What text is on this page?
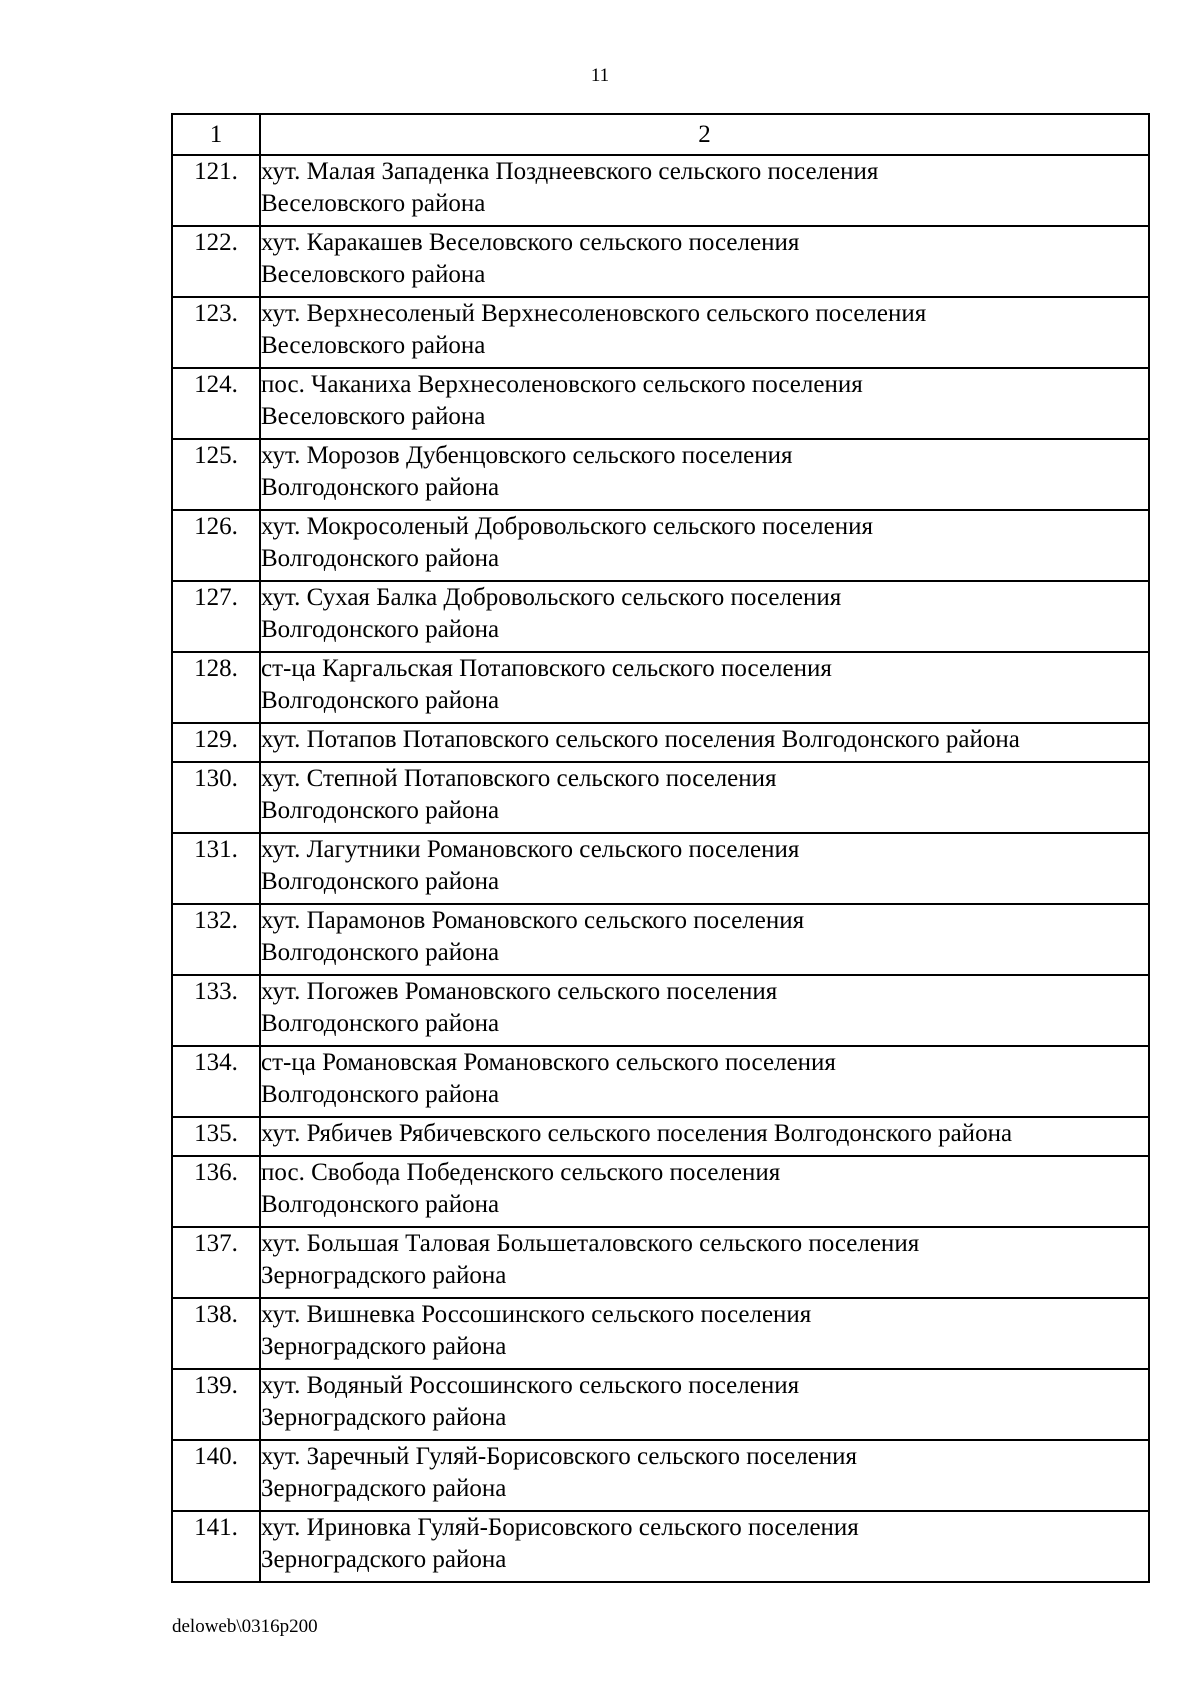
11
1	2
121.	хут. Малая Западенка Позднеевского сельского поселения
Веселовского района

122.	хут. Каракашев Веселовского сельского поселения
Веселовского района

123.	хут. Верхнесоленый Верхнесоленовского сельского поселения
Веселовского района

124.	пос. Чаканиха Верхнесоленовского сельского поселения
Веселовского района

125.	хут. Морозов Дубенцовского сельского поселения
Волгодонского района

126.	хут. Мокросоленый Добровольского сельского поселения
Волгодонского района

127.	хут. Сухая Балка Добровольского сельского поселения
Волгодонского района

128.	ст-ца Каргальская Потаповского сельского поселения
Волгодонского района

129.	хут. Потапов Потаповского сельского поселения Волгодонского района

130.	хут. Степной Потаповского сельского поселения
Волгодонского района

131.	хут. Лагутники Романовского сельского поселения
Волгодонского района

132.	хут. Парамонов Романовского сельского поселения
Волгодонского района

133.	хут. Погожев Романовского сельского поселения
Волгодонского района

134.	ст-ца Романовская Романовского сельского поселения
Волгодонского района

135.	хут. Рябичев Рябичевского сельского поселения Волгодонского района

136.	пос. Свобода Победенского сельского поселения
Волгодонского района

137.	хут. Большая Таловая Большеталовского сельского поселения
Зерноградского района

138.	хут. Вишневка Россошинского сельского поселения
Зерноградского района

139.	хут. Водяный Россошинского сельского поселения
Зерноградского района

140.	хут. Заречный Гуляй-Борисовского сельского поселения
Зерноградского района

141.	хут. Ириновка Гуляй-Борисовского сельского поселения
Зерноградского района
deloweb\0316p200
